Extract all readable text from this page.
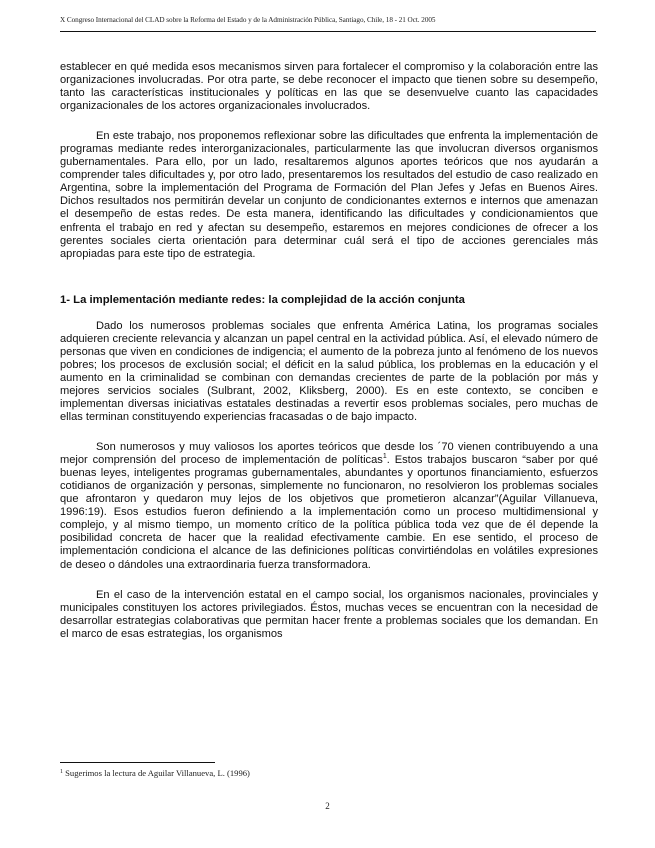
X Congreso Internacional del CLAD sobre la Reforma del Estado y de la Administración Pública, Santiago, Chile, 18 - 21 Oct. 2005

establecer en qué medida esos mecanismos sirven para fortalecer el compromiso y la colaboración entre las organizaciones involucradas. Por otra parte, se debe reconocer el impacto que tienen sobre su desempeño, tanto las características institucionales y políticas en las que se desenvuelve cuanto las capacidades organizacionales de los actores organizacionales involucrados.

En este trabajo, nos proponemos reflexionar sobre las dificultades que enfrenta la implementación de programas mediante redes interorganizacionales, particularmente las que involucran diversos organismos gubernamentales. Para ello, por un lado, resaltaremos algunos aportes teóricos que nos ayudarán a comprender tales dificultades y, por otro lado, presentaremos los resultados del estudio de caso realizado en Argentina, sobre la implementación del Programa de Formación del Plan Jefes y Jefas en Buenos Aires. Dichos resultados nos permitirán develar un conjunto de condicionantes externos e internos que amenazan el desempeño de estas redes. De esta manera, identificando las dificultades y condicionamientos que enfrenta el trabajo en red y afectan su desempeño, estaremos en mejores condiciones de ofrecer a los gerentes sociales cierta orientación para determinar cuál será el tipo de acciones gerenciales más apropiadas para este tipo de estrategia.

1- La implementación mediante redes: la complejidad de la acción conjunta

Dado los numerosos problemas sociales que enfrenta América Latina, los programas sociales adquieren creciente relevancia y alcanzan un papel central en la actividad pública. Así, el elevado número de personas que viven en condiciones de indigencia; el aumento de la pobreza junto al fenómeno de los nuevos pobres; los procesos de exclusión social; el déficit en la salud pública, los problemas en la educación y el aumento en la criminalidad se combinan con demandas crecientes de parte de la población por más y mejores servicios sociales (Sulbrant, 2002, Kliksberg, 2000). Es en este contexto, se conciben e implementan diversas iniciativas estatales destinadas a revertir esos problemas sociales, pero muchas de ellas terminan constituyendo experiencias fracasadas o de bajo impacto.

Son numerosos y muy valiosos los aportes teóricos que desde los ´70 vienen contribuyendo a una mejor comprensión del proceso de implementación de políticas$^1$. Estos trabajos buscaron “saber por qué buenas leyes, inteligentes programas gubernamentales, abundantes y oportunos financiamiento, esfuerzos cotidianos de organización y personas, simplemente no funcionaron, no resolvieron los problemas sociales que afrontaron y quedaron muy lejos de los objetivos que prometieron alcanzar”(Aguilar Villanueva, 1996:19). Esos estudios fueron definiendo a la implementación como un proceso multidimensional y complejo, y al mismo tiempo, un momento crítico de la política pública toda vez que de él depende la posibilidad concreta de hacer que la realidad efectivamente cambie. En ese sentido, el proceso de implementación condiciona el alcance de las definiciones políticas convirtiéndolas en volátiles expresiones de deseo o dándoles una extraordinaria fuerza transformadora.

En el caso de la intervención estatal en el campo social, los organismos nacionales, provinciales y municipales constituyen los actores privilegiados. Éstos, muchas veces se encuentran con la necesidad de desarrollar estrategias colaborativas que permitan hacer frente a problemas sociales que los demandan. En el marco de esas estrategias, los organismos

$^1$ Sugerimos la lectura de Aguilar Villanueva, L. (1996)
2
